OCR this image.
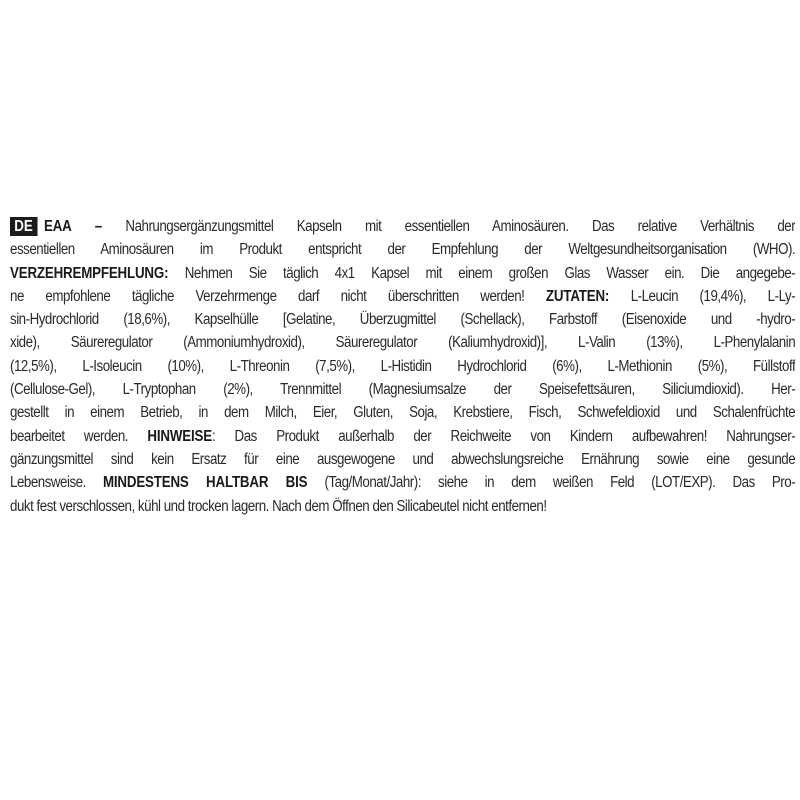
DE EAA – Nahrungsergänzungsmittel Kapseln mit essentiellen Aminosäuren. Das relative Verhältnis der
essentiellen Aminosäuren im Produkt entspricht der Empfehlung der Weltgesundheitsorganisation (WHO).
VERZEHREMPFEHLUNG: Nehmen Sie täglich 4x1 Kapsel mit einem großen Glas Wasser ein. Die angegebe-
ne empfohlene tägliche Verzehrmenge darf nicht überschritten werden! ZUTATEN: L-Leucin (19,4%), L-Ly-
sin-Hydrochlorid (18,6%), Kapselhülle [Gelatine, Überzugmittel (Schellack), Farbstoff (Eisenoxide und -hydro-
xide), Säureregulator (Ammoniumhydroxid), Säureregulator (Kaliumhydroxid)], L-Valin (13%), L-Phenylalanin
(12,5%), L-Isoleucin (10%), L-Threonin (7,5%), L-Histidin Hydrochlorid (6%), L-Methionin (5%), Füllstoff
(Cellulose-Gel), L-Tryptophan (2%), Trennmittel (Magnesiumsalze der Speisefettsäuren, Siliciumdioxid). Her-
gestellt in einem Betrieb, in dem Milch, Eier, Gluten, Soja, Krebstiere, Fisch, Schwefeldioxid und Schalenfrüchte
bearbeitet werden. HINWEISE: Das Produkt außerhalb der Reichweite von Kindern aufbewahren! Nahrungser-
gänzungsmittel sind kein Ersatz für eine ausgewogene und abwechslungsreiche Ernährung sowie eine gesunde
Lebensweise. MINDESTENS HALTBAR BIS (Tag/Monat/Jahr): siehe in dem weißen Feld (LOT/EXP). Das Pro-
dukt fest verschlossen, kühl und trocken lagern. Nach dem Öffnen den Silicabeutel nicht entfernen!
